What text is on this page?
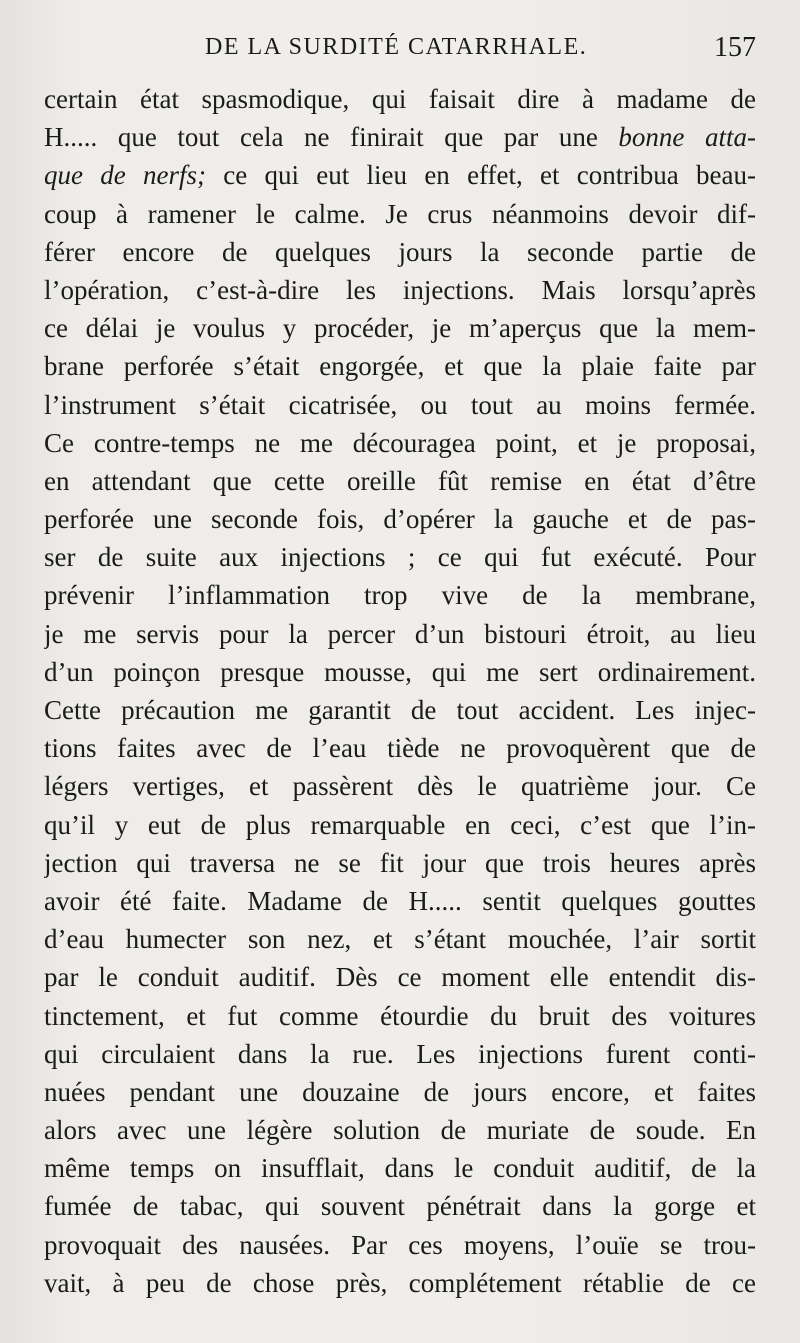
DE LA SURDITÉ CATARRHALE.	157
certain état spasmodique, qui faisait dire à madame de
H..... que tout cela ne finirait que par une bonne atta-
que de nerfs; ce qui eut lieu en effet, et contribua beau-
coup à ramener le calme. Je crus néanmoins devoir dif-
férer encore de quelques jours la seconde partie de
l’opération, c’est-à-dire les injections. Mais lorsqu’après
ce délai je voulus y procéder, je m’aperçus que la mem-
brane perforée s’était engorgée, et que la plaie faite par
l’instrument s’était cicatrisée, ou tout au moins fermée.
Ce contre-temps ne me découragea point, et je proposai,
en attendant que cette oreille fût remise en état d’être
perforée une seconde fois, d’opérer la gauche et de pas-
ser de suite aux injections ; ce qui fut exécuté. Pour
prévenir l’inflammation trop vive de la membrane,
je me servis pour la percer d’un bistouri étroit, au lieu
d’un poinçon presque mousse, qui me sert ordinairement.
Cette précaution me garantit de tout accident. Les injec-
tions faites avec de l’eau tiède ne provoquèrent que de
légers vertiges, et passèrent dès le quatrième jour. Ce
qu’il y eut de plus remarquable en ceci, c’est que l’in-
jection qui traversa ne se fit jour que trois heures après
avoir été faite. Madame de H..... sentit quelques gouttes
d’eau humecter son nez, et s’étant mouchée, l’air sortit
par le conduit auditif. Dès ce moment elle entendit dis-
tinctement, et fut comme étourdie du bruit des voitures
qui circulaient dans la rue. Les injections furent conti-
nuées pendant une douzaine de jours encore, et faites
alors avec une légère solution de muriate de soude. En
même temps on insufflait, dans le conduit auditif, de la
fumée de tabac, qui souvent pénétrait dans la gorge et
provoquait des nausées. Par ces moyens, l’ouïe se trou-
vait, à peu de chose près, complétement rétablie de ce
